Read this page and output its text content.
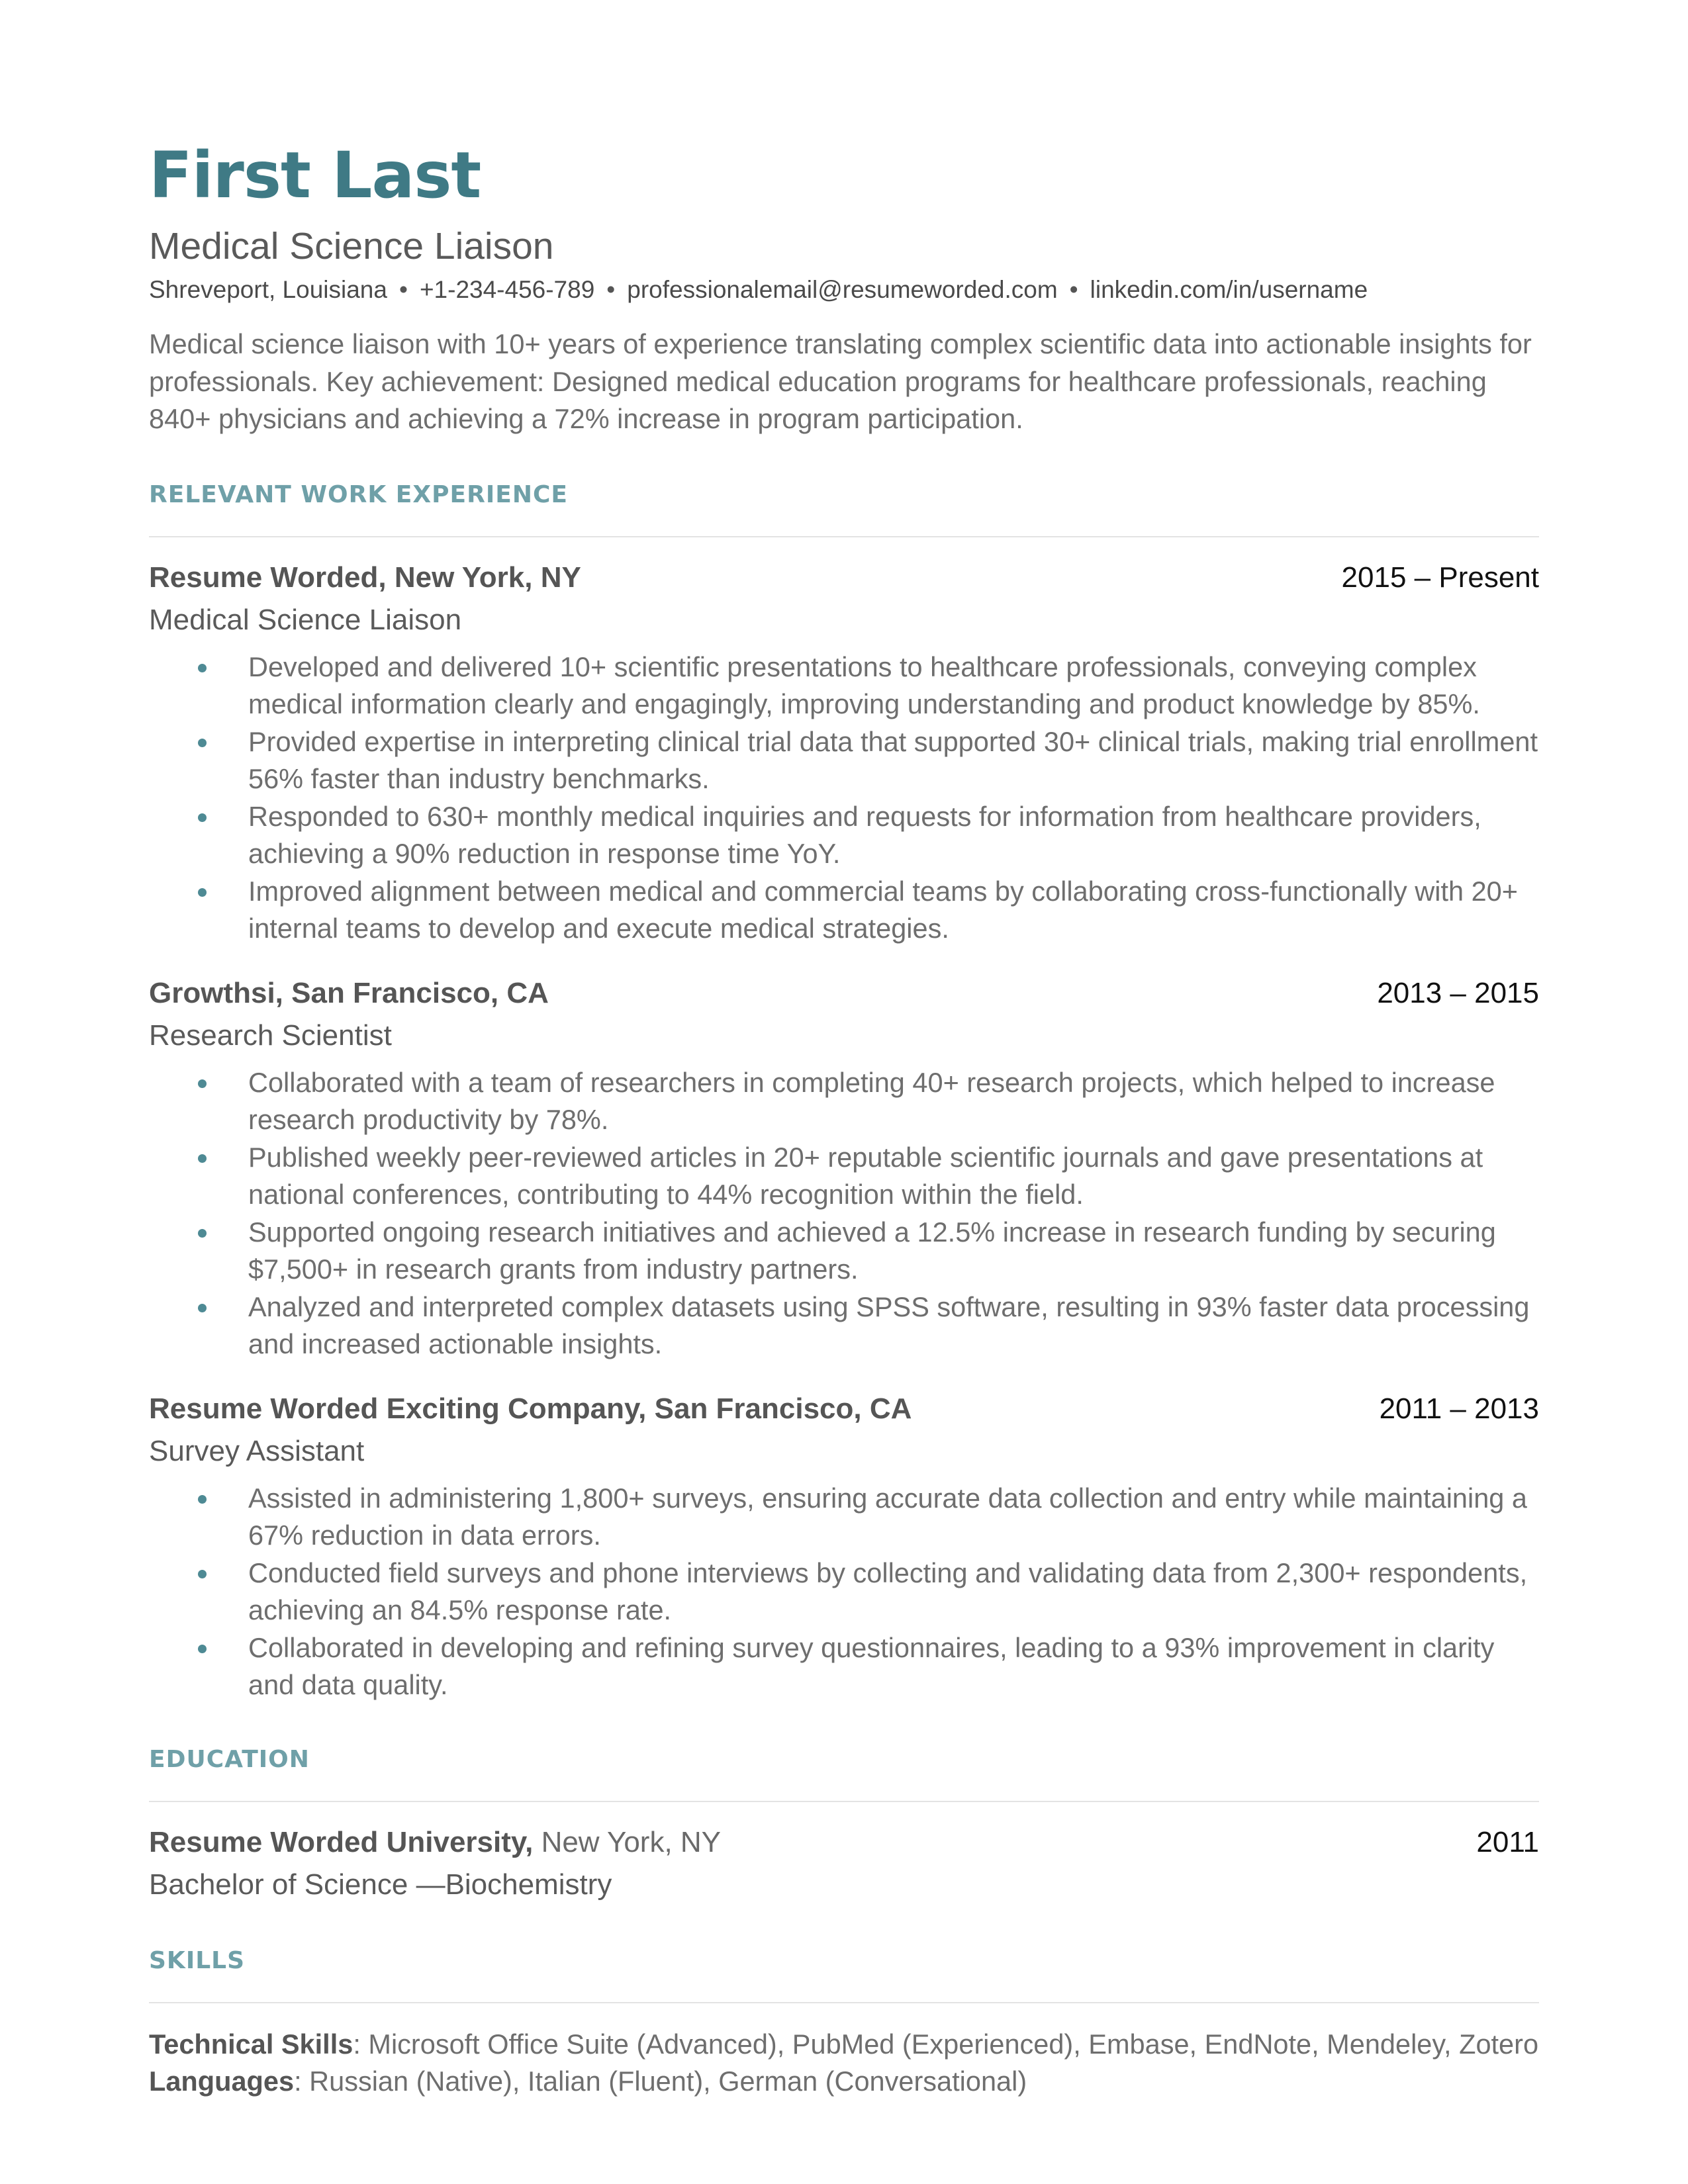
First Last
Medical Science Liaison
Shreveport, Louisiana • +1-234-456-789 • professionalemail@resumeworded.com • linkedin.com/in/username
Medical science liaison with 10+ years of experience translating complex scientific data into actionable insights for professionals. Key achievement: Designed medical education programs for healthcare professionals, reaching 840+ physicians and achieving a 72% increase in program participation.
RELEVANT WORK EXPERIENCE
Resume Worded, New York, NY	2015 – Present
Medical Science Liaison
Developed and delivered 10+ scientific presentations to healthcare professionals, conveying complex medical information clearly and engagingly, improving understanding and product knowledge by 85%.
Provided expertise in interpreting clinical trial data that supported 30+ clinical trials, making trial enrollment 56% faster than industry benchmarks.
Responded to 630+ monthly medical inquiries and requests for information from healthcare providers, achieving a 90% reduction in response time YoY.
Improved alignment between medical and commercial teams by collaborating cross-functionally with 20+ internal teams to develop and execute medical strategies.
Growthsi, San Francisco, CA	2013 – 2015
Research Scientist
Collaborated with a team of researchers in completing 40+ research projects, which helped to increase research productivity by 78%.
Published weekly peer-reviewed articles in 20+ reputable scientific journals and gave presentations at national conferences, contributing to 44% recognition within the field.
Supported ongoing research initiatives and achieved a 12.5% increase in research funding by securing $7,500+ in research grants from industry partners.
Analyzed and interpreted complex datasets using SPSS software, resulting in 93% faster data processing and increased actionable insights.
Resume Worded Exciting Company, San Francisco, CA	2011 – 2013
Survey Assistant
Assisted in administering 1,800+ surveys, ensuring accurate data collection and entry while maintaining a 67% reduction in data errors.
Conducted field surveys and phone interviews by collecting and validating data from 2,300+ respondents, achieving an 84.5% response rate.
Collaborated in developing and refining survey questionnaires, leading to a 93% improvement in clarity and data quality.
EDUCATION
Resume Worded University, New York, NY	2011
Bachelor of Science —Biochemistry
SKILLS
Technical Skills: Microsoft Office Suite (Advanced), PubMed (Experienced), Embase, EndNote, Mendeley, Zotero
Languages: Russian (Native), Italian (Fluent), German (Conversational)
